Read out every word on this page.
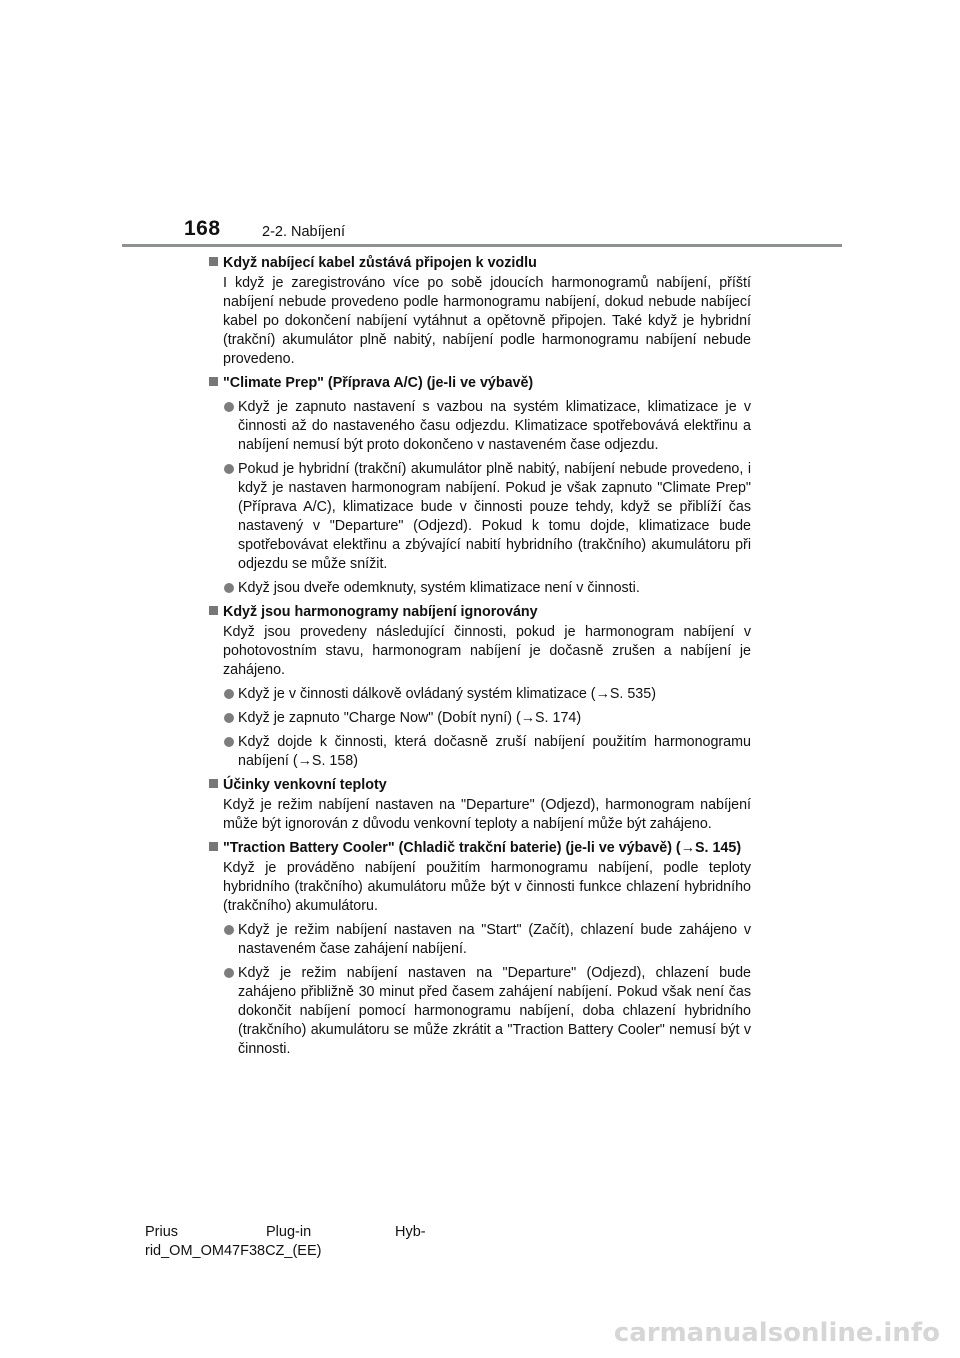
168	2-2. Nabíjení
Když nabíjecí kabel zůstává připojen k vozidlu
I když je zaregistrováno více po sobě jdoucích harmonogramů nabíjení, příští nabíjení nebude provedeno podle harmonogramu nabíjení, dokud nebude nabíjecí kabel po dokončení nabíjení vytáhnut a opětovně připojen. Také když je hybridní (trakční) akumulátor plně nabitý, nabíjení podle harmonogramu nabíjení nebude provedeno.
"Climate Prep" (Příprava A/C) (je-li ve výbavě)
Když je zapnuto nastavení s vazbou na systém klimatizace, klimatizace je v činnosti až do nastaveného času odjezdu. Klimatizace spotřebovává elektřinu a nabíjení nemusí být proto dokončeno v nastaveném čase odjezdu.
Pokud je hybridní (trakční) akumulátor plně nabitý, nabíjení nebude provedeno, i když je nastaven harmonogram nabíjení. Pokud je však zapnuto "Climate Prep" (Příprava A/C), klimatizace bude v činnosti pouze tehdy, když se přiblíží čas nastavený v "Departure" (Odjezd). Pokud k tomu dojde, klimatizace bude spotřebovávat elektřinu a zbývající nabití hybridního (trakčního) akumulátoru při odjezdu se může snížit.
Když jsou dveře odemknuty, systém klimatizace není v činnosti.
Když jsou harmonogramy nabíjení ignorovány
Když jsou provedeny následující činnosti, pokud je harmonogram nabíjení v pohotovostním stavu, harmonogram nabíjení je dočasně zrušen a nabíjení je zahájeno.
Když je v činnosti dálkově ovládaný systém klimatizace (→S. 535)
Když je zapnuto "Charge Now" (Dobít nyní) (→S. 174)
Když dojde k činnosti, která dočasně zruší nabíjení použitím harmonogramu nabíjení (→S. 158)
Účinky venkovní teploty
Když je režim nabíjení nastaven na "Departure" (Odjezd), harmonogram nabíjení může být ignorován z důvodu venkovní teploty a nabíjení může být zahájeno.
"Traction Battery Cooler" (Chladič trakční baterie) (je-li ve výbavě) (→S. 145)
Když je prováděno nabíjení použitím harmonogramu nabíjení, podle teploty hybridního (trakčního) akumulátoru může být v činnosti funkce chlazení hybridního (trakčního) akumulátoru.
Když je režim nabíjení nastaven na "Start" (Začít), chlazení bude zahájeno v nastaveném čase zahájení nabíjení.
Když je režim nabíjení nastaven na "Departure" (Odjezd), chlazení bude zahájeno přibližně 30 minut před časem zahájení nabíjení. Pokud však není čas dokončit nabíjení pomocí harmonogramu nabíjení, doba chlazení hybridního (trakčního) akumulátoru se může zkrátit a "Traction Battery Cooler" nemusí být v činnosti.
Prius	Plug-in	Hyb-
rid_OM_OM47F38CZ_(EE)
carmanualsonline.info
